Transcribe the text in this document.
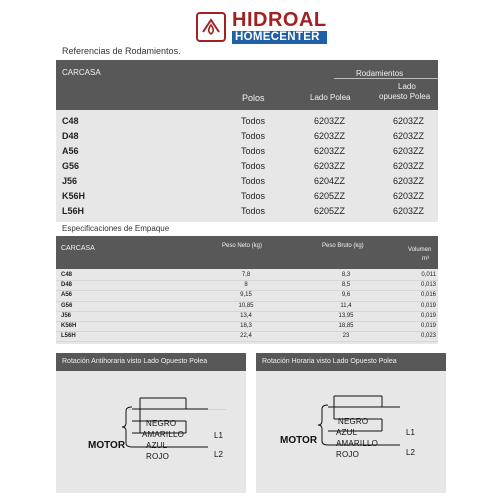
HIDROAL
HOMECENTER
Referencias de Rodamientos.
CARCASA	Rodamientos
Polos	Lado Polea
Lado
opuesto Polea
C48	Todos	6203ZZ	6203ZZ
D48	Todos	6203ZZ	6203ZZ
A56	Todos	6203ZZ	6203ZZ
G56	Todos	6203ZZ	6203ZZ
J56	Todos	6204ZZ	6203ZZ
K56H	Todos	6205ZZ	6203ZZ
L56H	Todos	6205ZZ	6203ZZ
Especificaciones de Empaque
CARCASA	Peso Neto (kg)	Peso Bruto (kg)
Volumen
m³
C48	7,8	8,3	0,011
D48	8	8,5	0,013
A56	9,15	9,6	0,016
G56	10,85	11,4	0,019
J56	13,4	13,95	0,019
K56H	18,3	18,85	0,019
L56H	22,4	23	0,023
Rotación Antihoraria visto Lado Opuesto Polea
MOTOR
NEGRO
AMARILLO
AZUL
ROJO
L1
L2
Rotación Horaria visto Lado Opuesto Polea
MOTOR
NEGRO
AZUL
AMARILLO
ROJO
L1
L2
